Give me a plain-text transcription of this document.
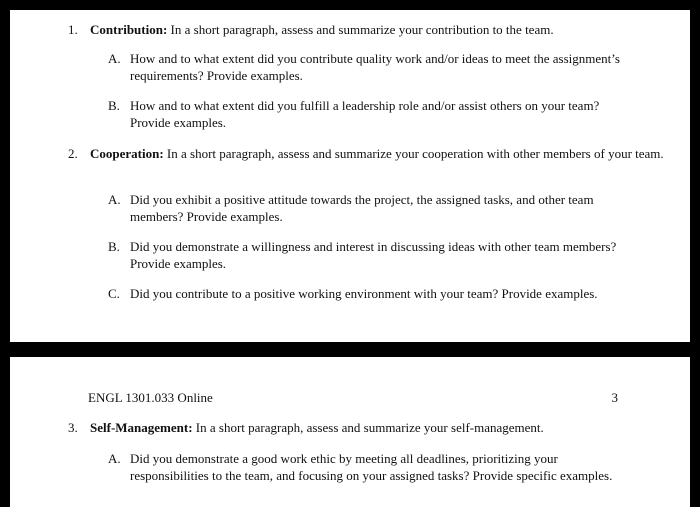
1. Contribution: In a short paragraph, assess and summarize your contribution to the team.
A. How and to what extent did you contribute quality work and/or ideas to meet the assignment’s requirements? Provide examples.
B. How and to what extent did you fulfill a leadership role and/or assist others on your team? Provide examples.
2. Cooperation: In a short paragraph, assess and summarize your cooperation with other members of your team.
A. Did you exhibit a positive attitude towards the project, the assigned tasks, and other team members? Provide examples.
B. Did you demonstrate a willingness and interest in discussing ideas with other team members? Provide examples.
C. Did you contribute to a positive working environment with your team? Provide examples.
ENGL 1301.033 Online	3
3. Self-Management: In a short paragraph, assess and summarize your self-management.
A. Did you demonstrate a good work ethic by meeting all deadlines, prioritizing your responsibilities to the team, and focusing on your assigned tasks? Provide specific examples.
